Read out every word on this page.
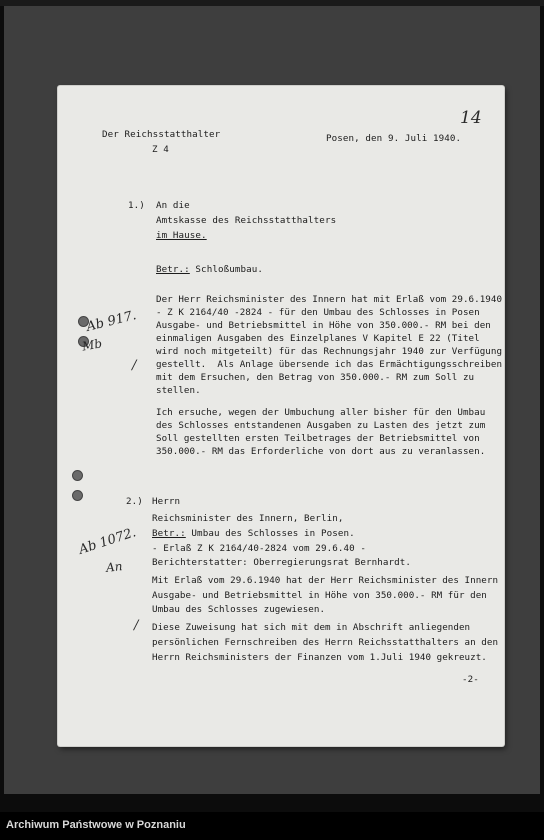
Der Reichsstatthalter
Z 4
Posen, den 9. Juli 1940.
14
1.) An die
Amtskasse des Reichsstatthalters
im Hause.
Betr.: Schloßumbau.
Der Herr Reichsminister des Innern hat mit Erlaß vom 29.6.1940
- Z K 2164/40 -2824 - für den Umbau des Schlosses in Posen
Ausgabe- und Betriebsmittel in Höhe von 350.000.- RM bei den
einmaligen Ausgaben des Einzelplanes V Kapitel E 22 (Titel
wird noch mitgeteilt) für das Rechnungsjahr 1940 zur Verfügung
gestellt.  Als Anlage übersende ich das Ermächtigungsschreiben
mit dem Ersuchen, den Betrag von 350.000.- RM zum Soll zu
stellen.
Ich ersuche, wegen der Umbuchung aller bisher für den Umbau
des Schlosses entstandenen Ausgaben zu Lasten des jetzt zum
Soll gestellten ersten Teilbetrages der Betriebsmittel von
350.000.- RM das Erforderliche von dort aus zu veranlassen.
2.) Herrn
Reichsminister des Innern, Berlin,
Betr.: Umbau des Schlosses in Posen.
- Erlaß Z K 2164/40-2824 vom 29.6.40 -
Berichterstatter: Oberregierungsrat Bernhardt.
Mit Erlaß vom 29.6.1940 hat der Herr Reichsminister des Innern
Ausgabe- und Betriebsmittel in Höhe von 350.000.- RM für den
Umbau des Schlosses zugewiesen.
Diese Zuweisung hat sich mit dem in Abschrift anliegenden
persönlichen Fernschreiben des Herrn Reichsstatthalters an den
Herrn Reichsministers der Finanzen vom 1.Juli 1940 gekreuzt.
-2-
Ab 917.
Mb
/
Ab 1072.
An
/
Archiwum Państwowe w Poznaniu
